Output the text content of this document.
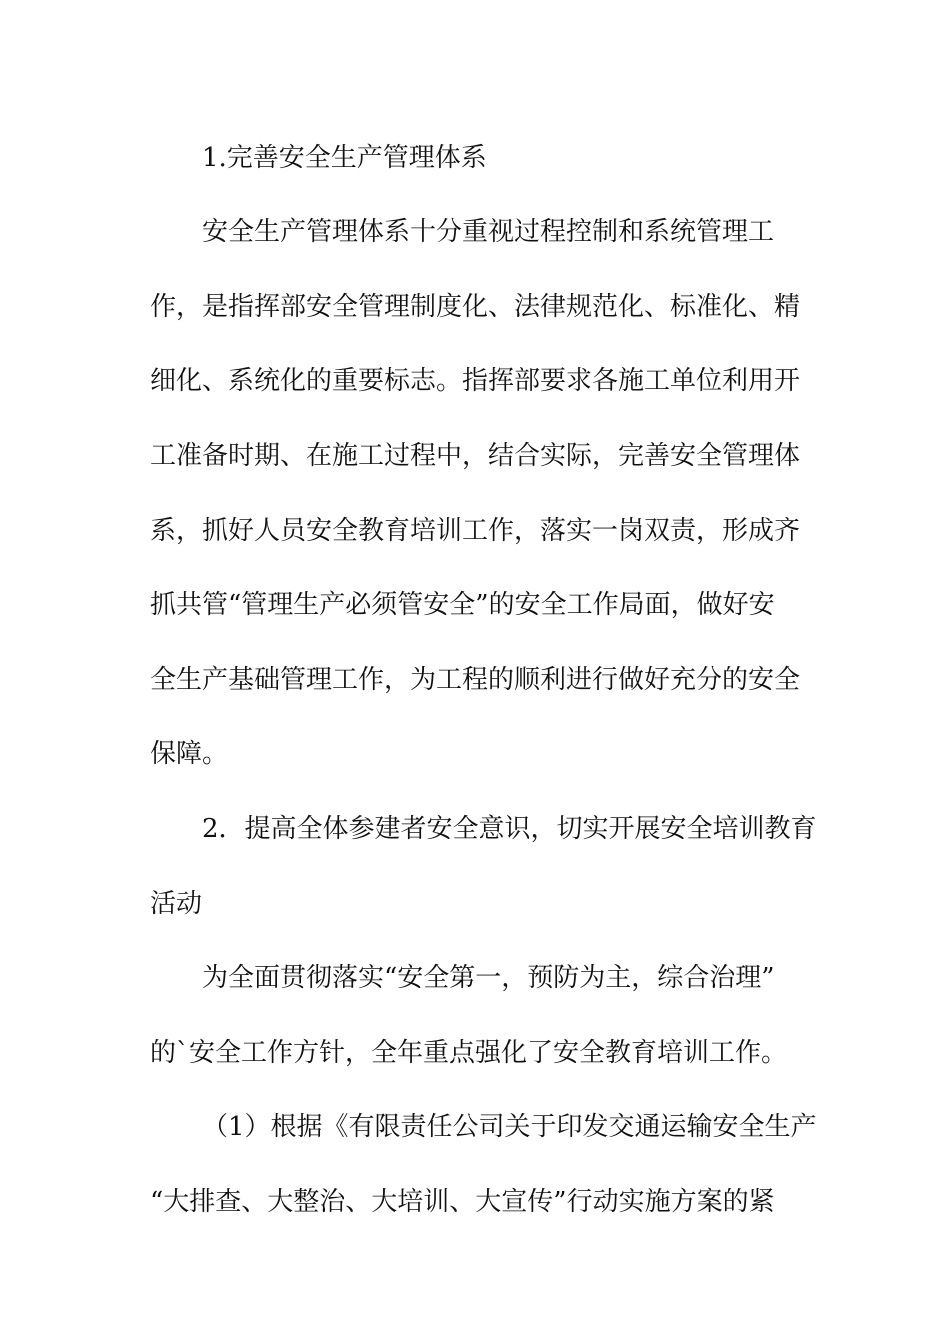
1.完善安全生产管理体系
安全生产管理体系十分重视过程控制和系统管理工
作，是指挥部安全管理制度化、法律规范化、标准化、精
细化、系统化的重要标志。指挥部要求各施工单位利用开
工准备时期、在施工过程中，结合实际，完善安全管理体
系，抓好人员安全教育培训工作，落实一岗双责，形成齐
抓共管“管理生产必须管安全”的安全工作局面，做好安
全生产基础管理工作，为工程的顺利进行做好充分的安全
保障。
2．提高全体参建者安全意识，切实开展安全培训教育
活动
为全面贯彻落实“安全第一，预防为主，综合治理”
的`安全工作方针，全年重点强化了安全教育培训工作。
（1）根据《有限责任公司关于印发交通运输安全生产
“大排查、大整治、大培训、大宣传”行动实施方案的紧
